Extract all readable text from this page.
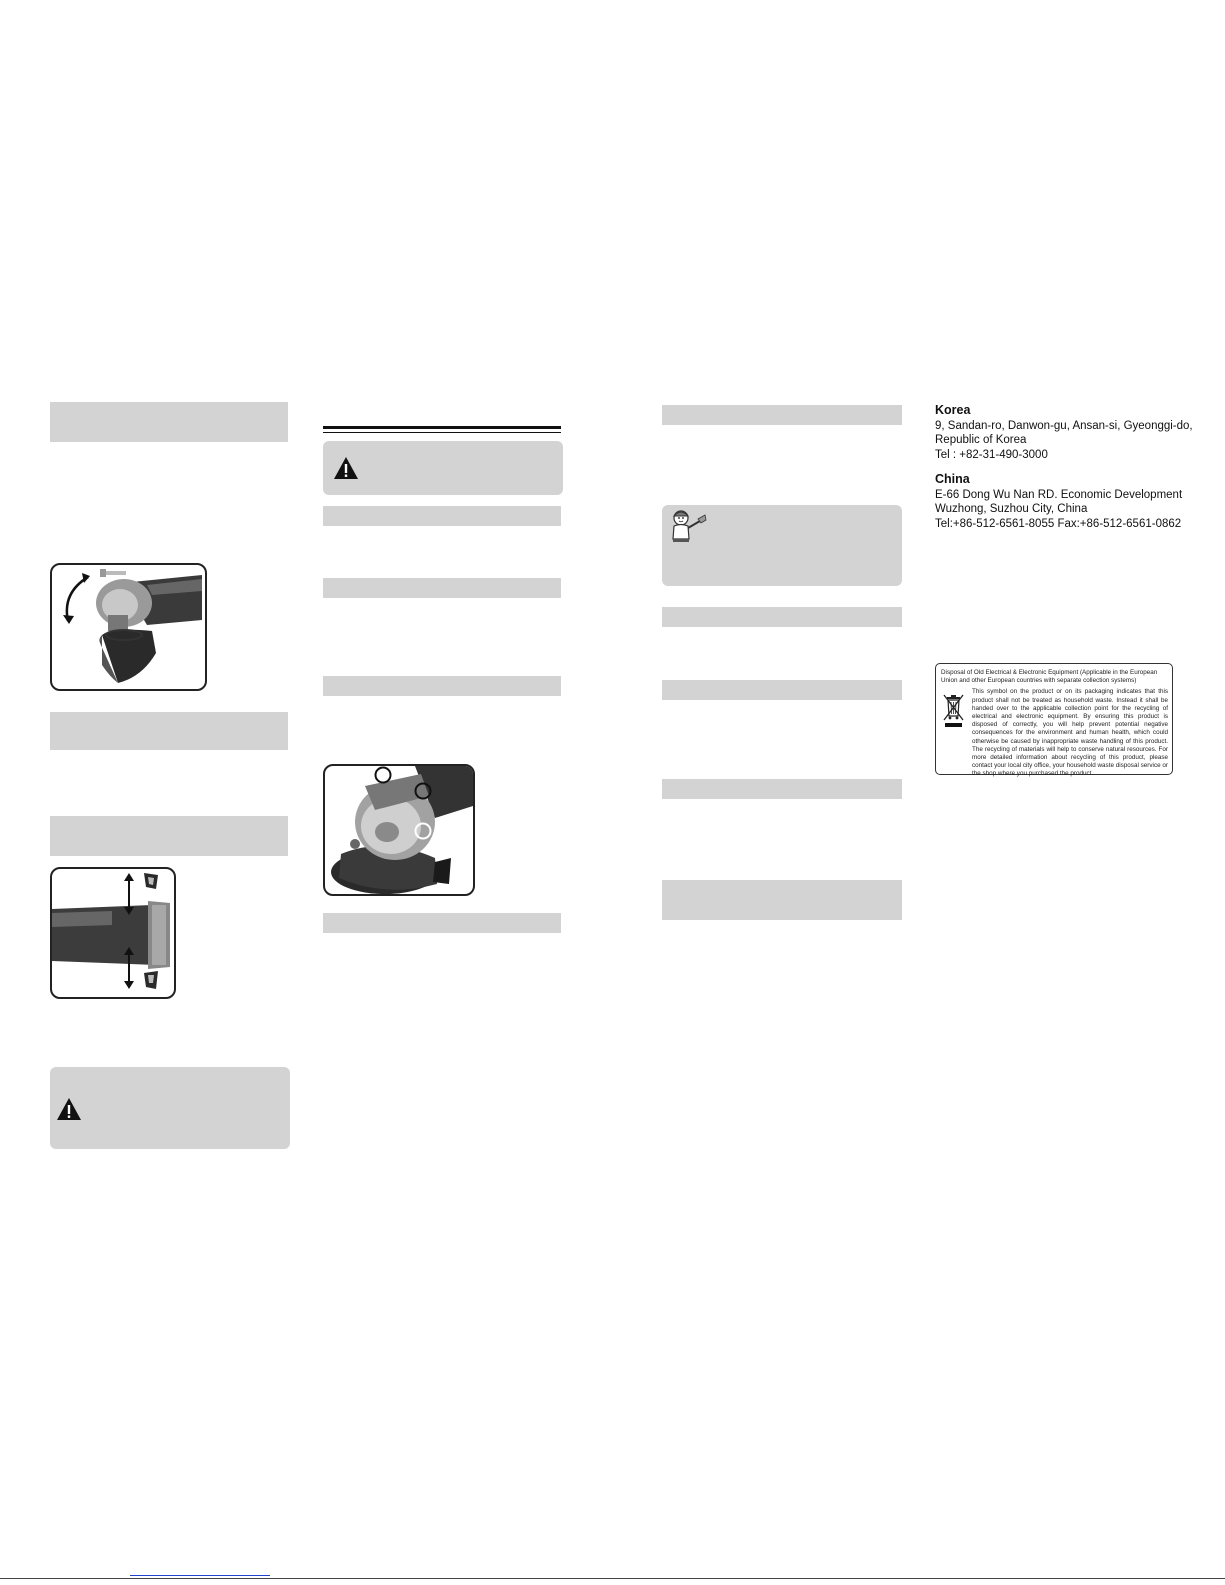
Korea
9, Sandan-ro, Danwon-gu, Ansan-si, Gyeonggi-do,
Republic of Korea
Tel : +82-31-490-3000
China
E-66 Dong Wu Nan RD. Economic Development
Wuzhong, Suzhou City, China
Tel:+86-512-6561-8055 Fax:+86-512-6561-0862
Disposal of Old Electrical & Electronic Equipment (Applicable in the European Union and other European countries with separate collection systems)
This symbol on the product or on its packaging indicates that this product shall not be treated as household waste. Instead it shall be handed over to the applicable collection point for the recycling of electrical and electronic equipment. By ensuring this product is disposed of correctly, you will help prevent potential negative consequences for the environment and human health, which could otherwise be caused by inappropriate waste handling of this product. The recycling of materials will help to conserve natural resources. For more detailed information about recycling of this product, please contact your local city office, your household waste disposal service or the shop where you purchased the product.
